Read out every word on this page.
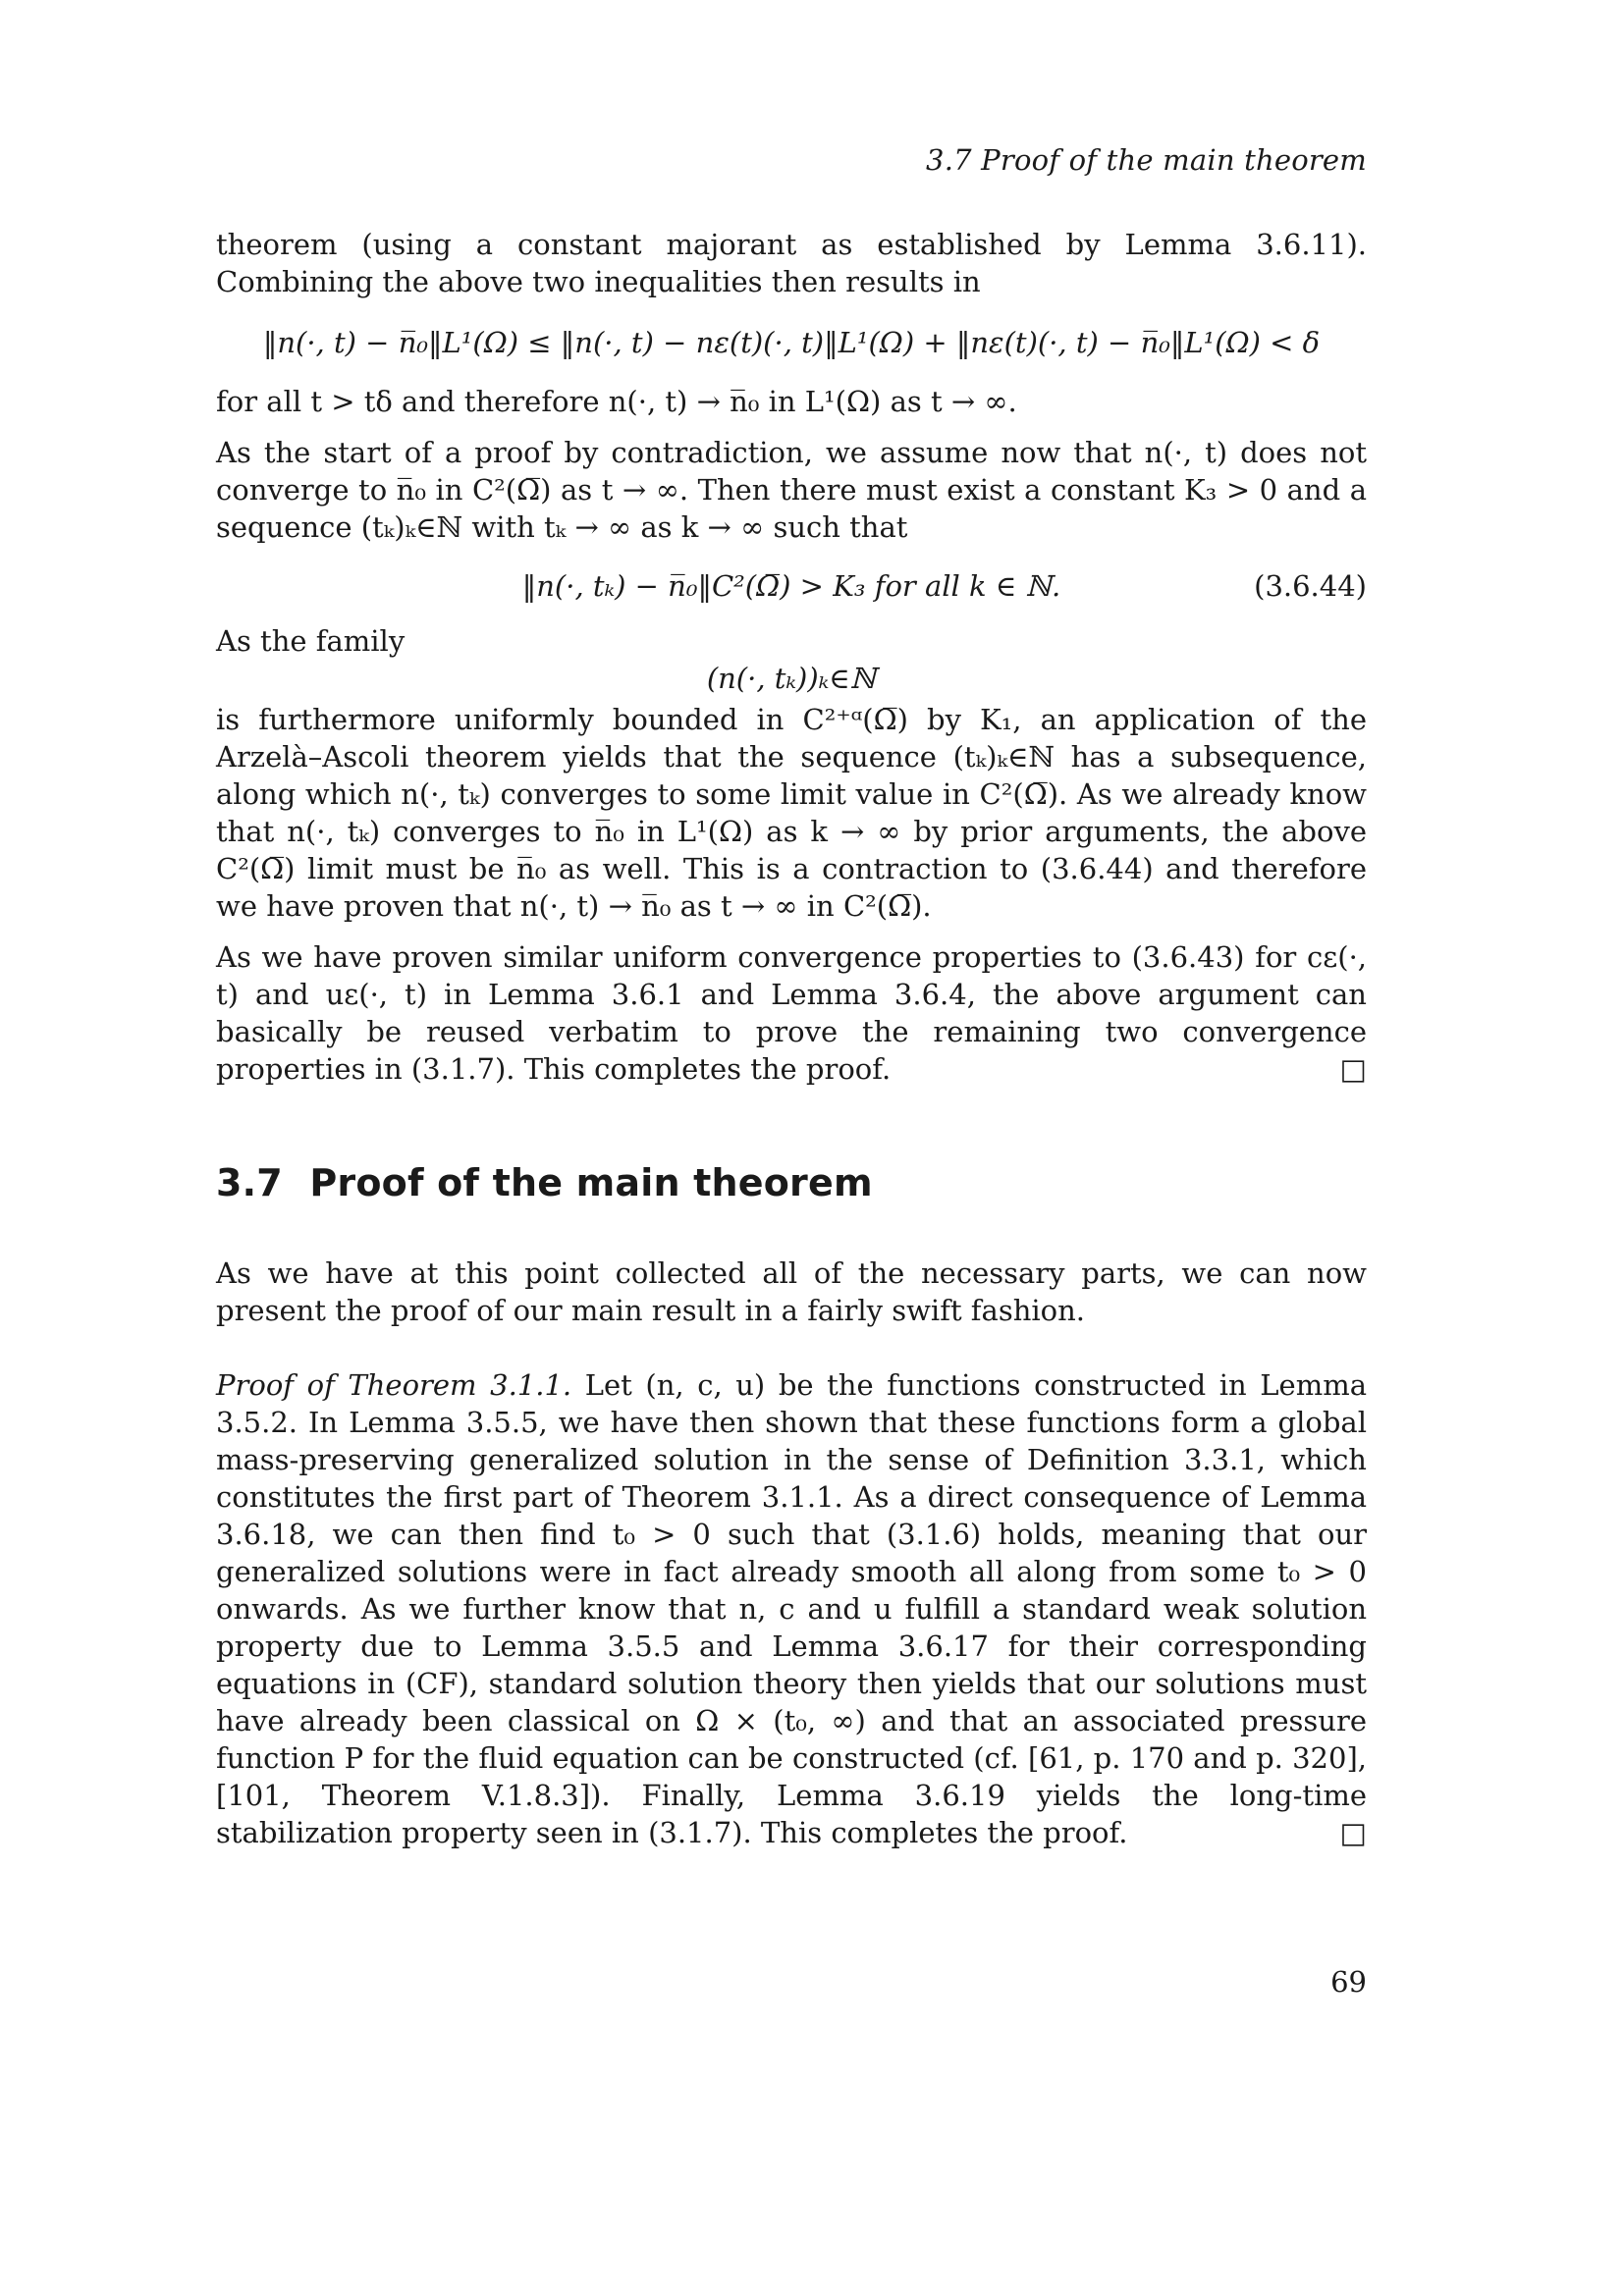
3.7 Proof of the main theorem

theorem (using a constant majorant as established by Lemma 3.6.11). Combining the above two inequalities then results in

‖n(·, t) − n̅₀‖L¹(Ω) ≤ ‖n(·, t) − nε(t)(·, t)‖L¹(Ω) + ‖nε(t)(·, t) − n̅₀‖L¹(Ω) < δ

for all t > tδ and therefore n(·, t) → n̅₀ in L¹(Ω) as t → ∞.

As the start of a proof by contradiction, we assume now that n(·, t) does not converge to n̅₀ in C²(Ω̅) as t → ∞. Then there must exist a constant K₃ > 0 and a sequence (tₖ)ₖ∈ℕ with tₖ → ∞ as k → ∞ such that

‖n(·, tₖ) − n̅₀‖C²(Ω̅) > K₃ for all k ∈ ℕ.	(3.6.44)

As the family

(n(·, tₖ))ₖ∈ℕ

is furthermore uniformly bounded in C²⁺ᵅ(Ω̅) by K₁, an application of the Arzelà–Ascoli theorem yields that the sequence (tₖ)ₖ∈ℕ has a subsequence, along which n(·, tₖ) converges to some limit value in C²(Ω̅). As we already know that n(·, tₖ) converges to n̅₀ in L¹(Ω) as k → ∞ by prior arguments, the above C²(Ω̅) limit must be n̅₀ as well. This is a contraction to (3.6.44) and therefore we have proven that n(·, t) → n̅₀ as t → ∞ in C²(Ω̅).

As we have proven similar uniform convergence properties to (3.6.43) for cε(·, t) and uε(·, t) in Lemma 3.6.1 and Lemma 3.6.4, the above argument can basically be reused verbatim to prove the remaining two convergence properties in (3.1.7). This completes the proof.	□

3.7 Proof of the main theorem

As we have at this point collected all of the necessary parts, we can now present the proof of our main result in a fairly swift fashion.

Proof of Theorem 3.1.1. Let (n, c, u) be the functions constructed in Lemma 3.5.2. In Lemma 3.5.5, we have then shown that these functions form a global mass-preserving generalized solution in the sense of Definition 3.3.1, which constitutes the first part of Theorem 3.1.1. As a direct consequence of Lemma 3.6.18, we can then find t₀ > 0 such that (3.1.6) holds, meaning that our generalized solutions were in fact already smooth all along from some t₀ > 0 onwards. As we further know that n, c and u fulfill a standard weak solution property due to Lemma 3.5.5 and Lemma 3.6.17 for their corresponding equations in (CF), standard solution theory then yields that our solutions must have already been classical on Ω × (t₀, ∞) and that an associated pressure function P for the fluid equation can be constructed (cf. [61, p. 170 and p. 320], [101, Theorem V.1.8.3]). Finally, Lemma 3.6.19 yields the long-time stabilization property seen in (3.1.7). This completes the proof.	□

69
